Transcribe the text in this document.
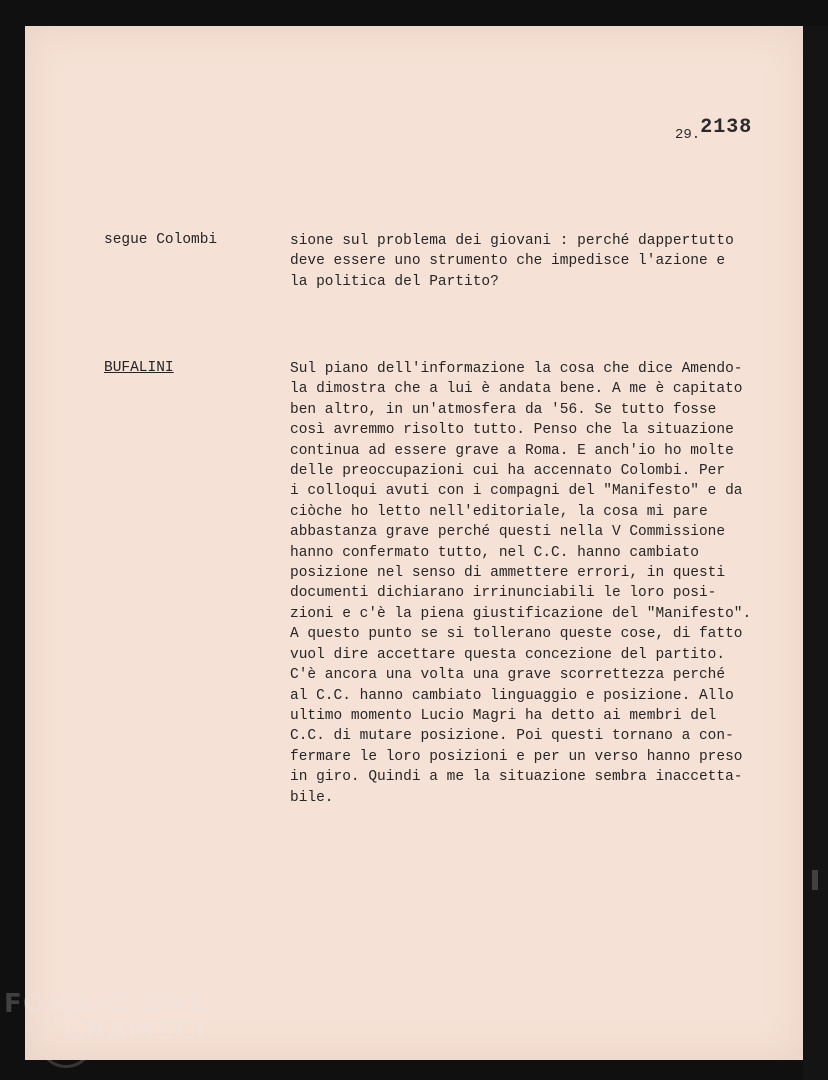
29.2138
segue Colombi	sione sul problema dei giovani : perché dappertutto
deve essere uno strumento che impedisce l'azione e
la politica del Partito?
BUFALINI	Sul piano dell'informazione la cosa che dice Amendo-
la dimostra che a lui è andata bene. A me è capitato
ben altro, in un'atmosfera da '56. Se tutto fosse
così avremmo risolto tutto. Penso che la situazione
continua ad essere grave a Roma. E anch'io ho molte
delle preoccupazioni cui ha accennato Colombi. Per
i colloqui avuti con i compagni del "Manifesto" e da
ciòche ho letto nell'editoriale, la cosa mi pare
abbastanza grave perché questi nella V Commissione
hanno confermato tutto, nel C.C. hanno cambiato
posizione nel senso di ammettere errori, in questi
documenti dichiarano irrinunciabili le loro posi-
zioni e c'è la piena giustificazione del "Manifesto".
A questo punto se si tollerano queste cose, di fatto
vuol dire accettare questa concezione del partito.
C'è ancora una volta una grave scorrettezza perché
al C.C. hanno cambiato linguaggio e posizione. Allo
ultimo momento Lucio Magri ha detto ai membri del
C.C. di mutare posizione. Poi questi tornano a con-
fermare le loro posizioni e per un verso hanno preso
in giro. Quindi a me la situazione sembra inaccetta-
bile.
FONDAZIONE
GRAMSCI
